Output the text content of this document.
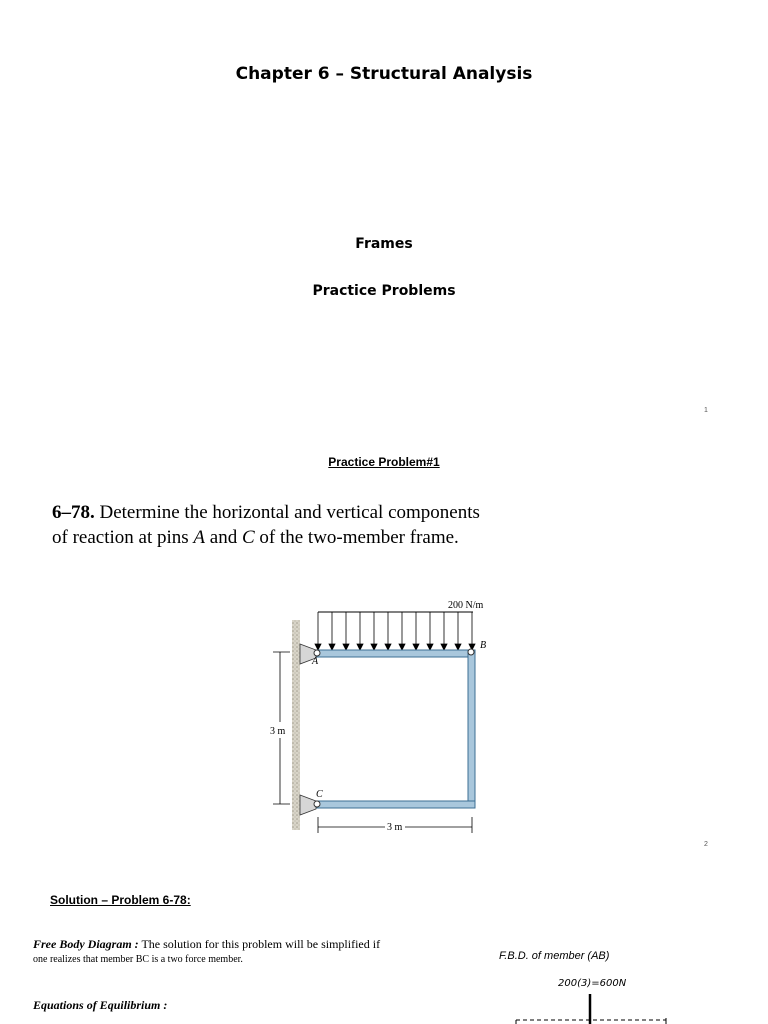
Chapter 6 – Structural Analysis
Frames
Practice Problems
1
Practice Problem#1
6–78. Determine the horizontal and vertical components
of reaction at pins A and C of the two-member frame.
200 N/m
A
B
C
3 m
3 m
2
Solution – Problem 6-78:
Free Body Diagram : The solution for this problem will be simplified if
one realizes that member BC is a two force member.	F.B.D. of member (AB)
Equations of Equilibrium :
200(3)=600N
